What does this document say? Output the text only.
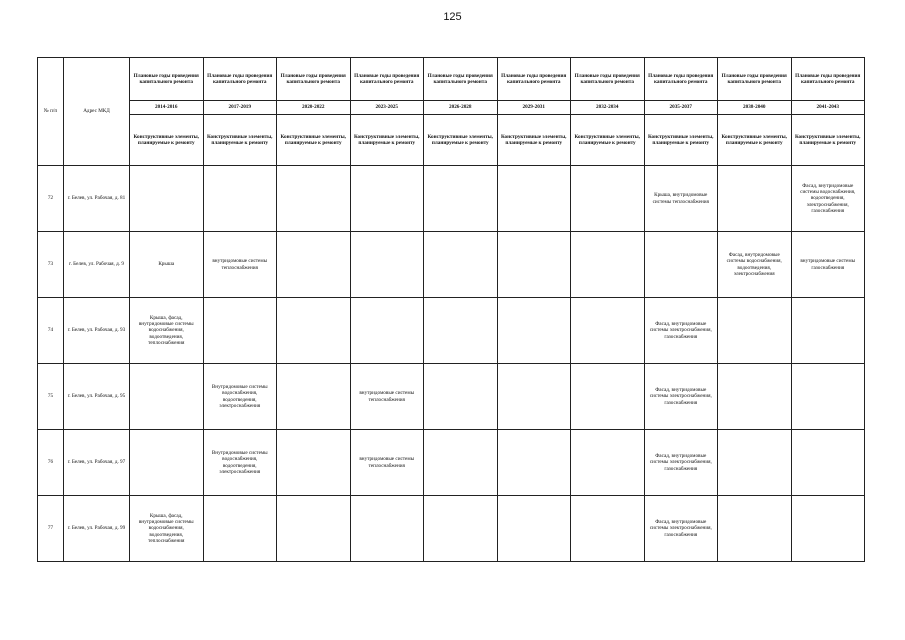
125
№ п/п	Адрес МКД	Плановые годы проведения капитального ремонта	Плановые годы проведения капитального ремонта	Плановые годы проведения капитального ремонта	Плановые годы проведения капитального ремонта	Плановые годы проведения капитального ремонта	Плановые годы проведения капитального ремонта	Плановые годы проведения капитального ремонта	Плановые годы проведения капитального ремонта	Плановые годы проведения капитального ремонта	Плановые годы проведения капитального ремонта
		2014-2016	2017-2019	2020-2022	2023-2025	2026-2028	2029-2031	2032-2034	2035-2037	2038-2040	2041-2043
		Конструктивные элементы, планируемые к ремонту	Конструктивные элементы, планируемые к ремонту	Конструктивные элементы, планируемые к ремонту	Конструктивные элементы, планируемые к ремонту	Конструктивные элементы, планируемые к ремонту	Конструктивные элементы, планируемые к ремонту	Конструктивные элементы, планируемые к ремонту	Конструктивные элементы, планируемые к ремонту	Конструктивные элементы, планируемые к ремонту	Конструктивные элементы, планируемые к ремонту
72	г. Белев, ул. Рабочая, д. 81								Крыша, внутридомовые системы теплоснабжения		Фасад, внутридомовые системы водоснабжения, водоотведения, электроснабжения, газоснабжения
73	г. Белев, ул. Рабочая, д. 9	Крыша	внутридомовые системы теплоснабжения							Фасад, внутридомовые системы водоснабжения, водоотведения, электроснабжения	внутридомовые системы газоснабжения
74	г. Белев, ул. Рабочая, д. 93	Крыша, фасад, внутридомовые системы водоснабжения, водоотведения, теплоснабжения							Фасад, внутридомовые системы электроснабжения, газоснабжения		
75	г. Белев, ул. Рабочая, д. 95		Внутридомовые системы водоснабжения, водоотведения, электроснабжения		внутридомовые системы теплоснабжения				Фасад, внутридомовые системы электроснабжения, газоснабжения		
76	г. Белев, ул. Рабочая, д. 97		Внутридомовые системы водоснабжения, водоотведения, электроснабжения		внутридомовые системы теплоснабжения				Фасад, внутридомовые системы электроснабжения, газоснабжения		
77	г. Белев, ул. Рабочая, д. 99	Крыша, фасад, внутридомовые системы водоснабжения, водоотведения, теплоснабжения							Фасад, внутридомовые системы электроснабжения, газоснабжения		
